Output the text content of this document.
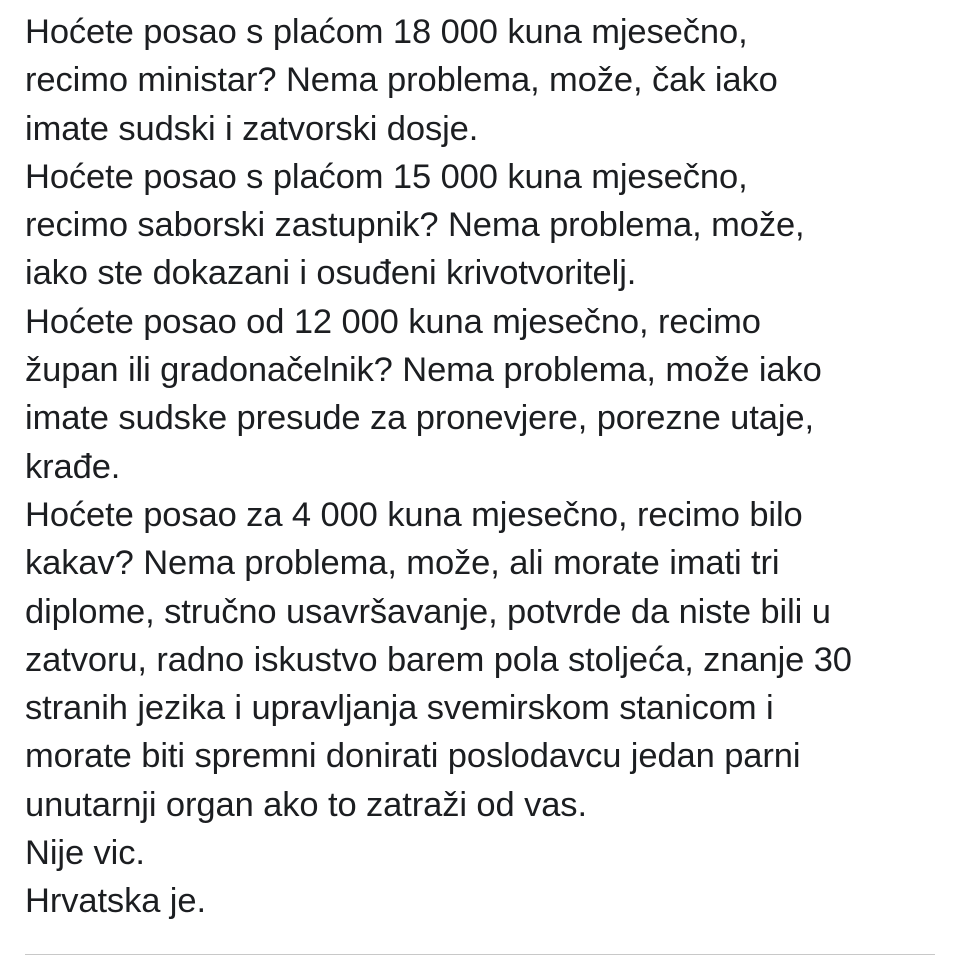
Hoćete posao s plaćom 18 000 kuna mjesečno,
recimo ministar? Nema problema, može, čak iako
imate sudski i zatvorski dosje.
Hoćete posao s plaćom 15 000 kuna mjesečno,
recimo saborski zastupnik? Nema problema, može,
iako ste dokazani i osuđeni krivotvoritelj.
Hoćete posao od 12 000 kuna mjesečno, recimo
župan ili gradonačelnik? Nema problema, može iako
imate sudske presude za pronevjere, porezne utaje,
krađe.
Hoćete posao za 4 000 kuna mjesečno, recimo bilo
kakav? Nema problema, može, ali morate imati tri
diplome, stručno usavršavanje, potvrde da niste bili u
zatvoru, radno iskustvo barem pola stoljeća, znanje 30
stranih jezika i upravljanja svemirskom stanicom i
morate biti spremni donirati poslodavcu jedan parni
unutarnji organ ako to zatraži od vas.
Nije vic.
Hrvatska je.
